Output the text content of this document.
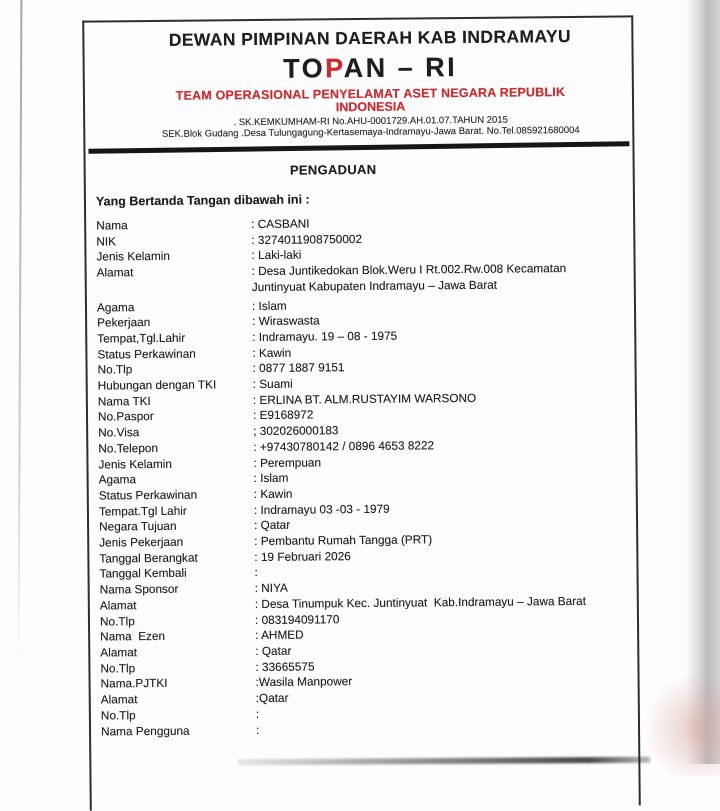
DEWAN PIMPINAN DAERAH KAB INDRAMAYU
TOPAN – RI
TEAM OPERASIONAL PENYELAMAT ASET NEGARA REPUBLIK
INDONESIA
. SK.KEMKUMHAM-RI No.AHU-0001729.AH.01.07.TAHUN 2015
SEK.Blok Gudang .Desa Tulungagung-Kertasemaya-Indramayu-Jawa Barat. No.Tel.085921680004
PENGADUAN
Yang Bertanda Tangan dibawah ini :
Nama	: CASBANI
NIK	: 3274011908750002
Jenis Kelamin	: Laki-laki
Alamat	: Desa Juntikedokan Blok.Weru I Rt.002.Rw.008 Kecamatan Juntinyuat Kabupaten Indramayu – Jawa Barat
Agama	: Islam
Pekerjaan	: Wiraswasta
Tempat,Tgl.Lahir	: Indramayu. 19 – 08 - 1975
Status Perkawinan	: Kawin
No.Tlp	: 0877 1887 9151
Hubungan dengan TKI	: Suami
Nama TKI	: ERLINA BT. ALM.RUSTAYIM WARSONO
No.Paspor	: E9168972
No.Visa	; 302026000183
No.Telepon	: +97430780142 / 0896 4653 8222
Jenis Kelamin	: Perempuan
Agama	: Islam
Status Perkawinan	: Kawin
Tempat.Tgl Lahir	: Indramayu 03 -03 - 1979
Negara Tujuan	: Qatar
Jenis Pekerjaan	: Pembantu Rumah Tangga (PRT)
Tanggal Berangkat	: 19 Februari 2026
Tanggal Kembali	:
Nama Sponsor	: NIYA
Alamat	: Desa Tinumpuk Kec. Juntinyuat  Kab.Indramayu – Jawa Barat
No.Tlp	: 083194091170
Nama  Ezen	: AHMED
Alamat	: Qatar
No.Tlp	: 33665575
Nama.PJTKI	:Wasila Manpower
Alamat	:Qatar
No.Tlp	:
Nama Pengguna	:
